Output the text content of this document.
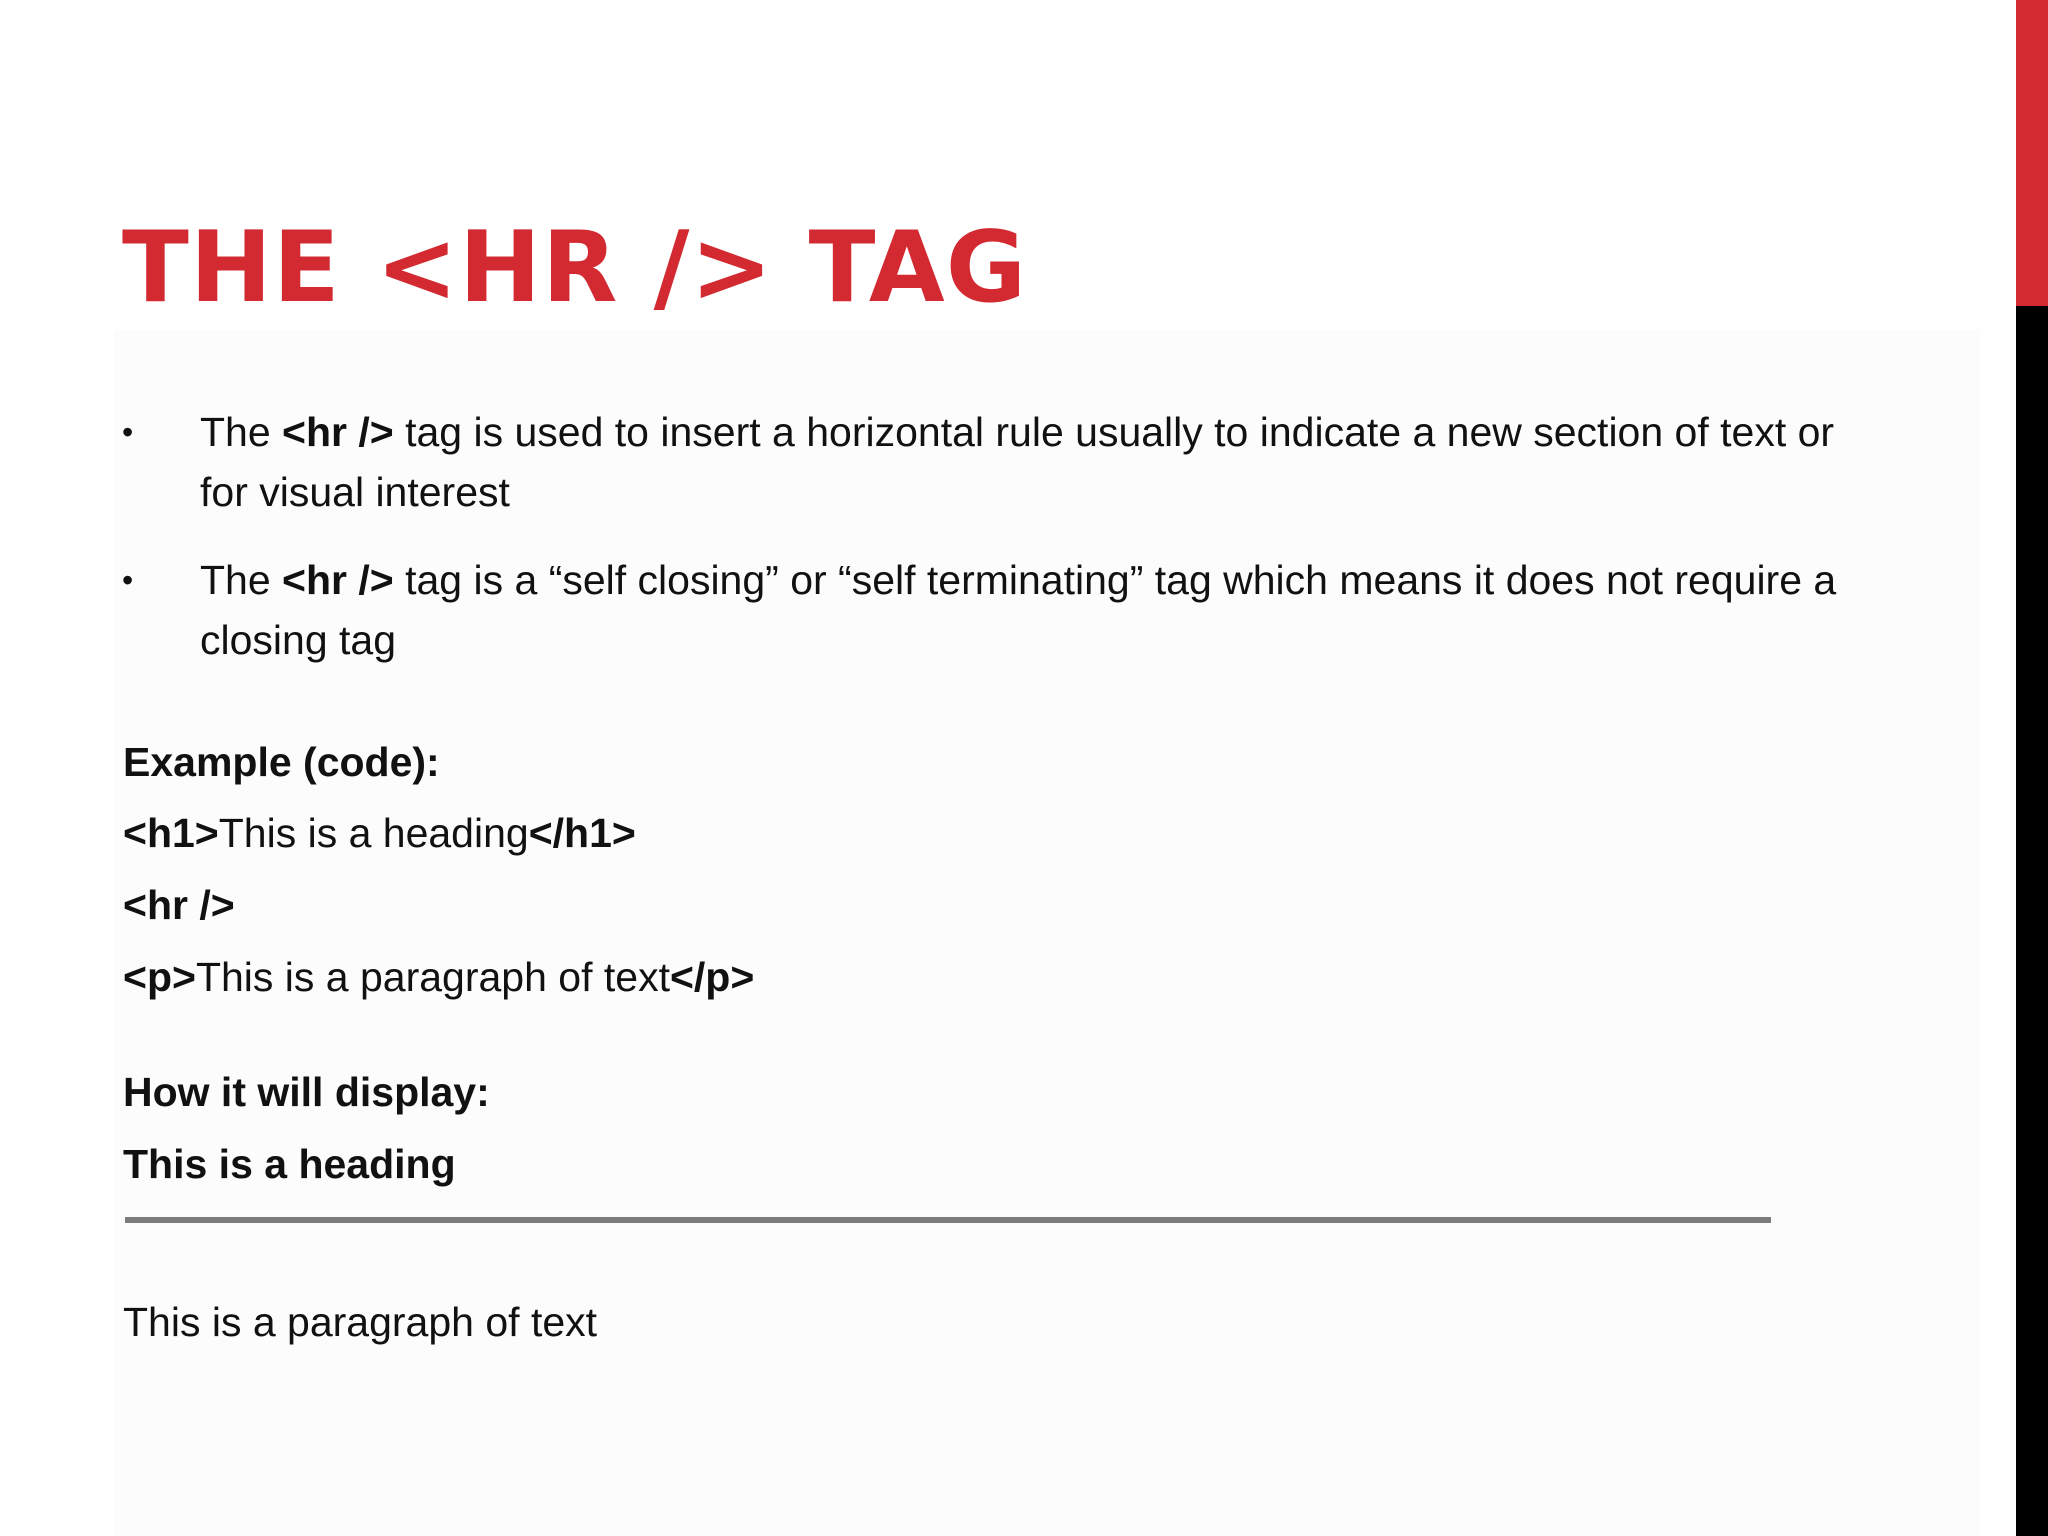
THE <HR /> TAG
• The <hr /> tag is used to insert a horizontal rule usually to indicate a new section of text or for visual interest
• The <hr /> tag is a “self closing” or “self terminating” tag which means it does not require a closing tag
Example (code):
<h1>This is a heading</h1>
<hr />
<p>This is a paragraph of text</p>
How it will display:
This is a heading
This is a paragraph of text
